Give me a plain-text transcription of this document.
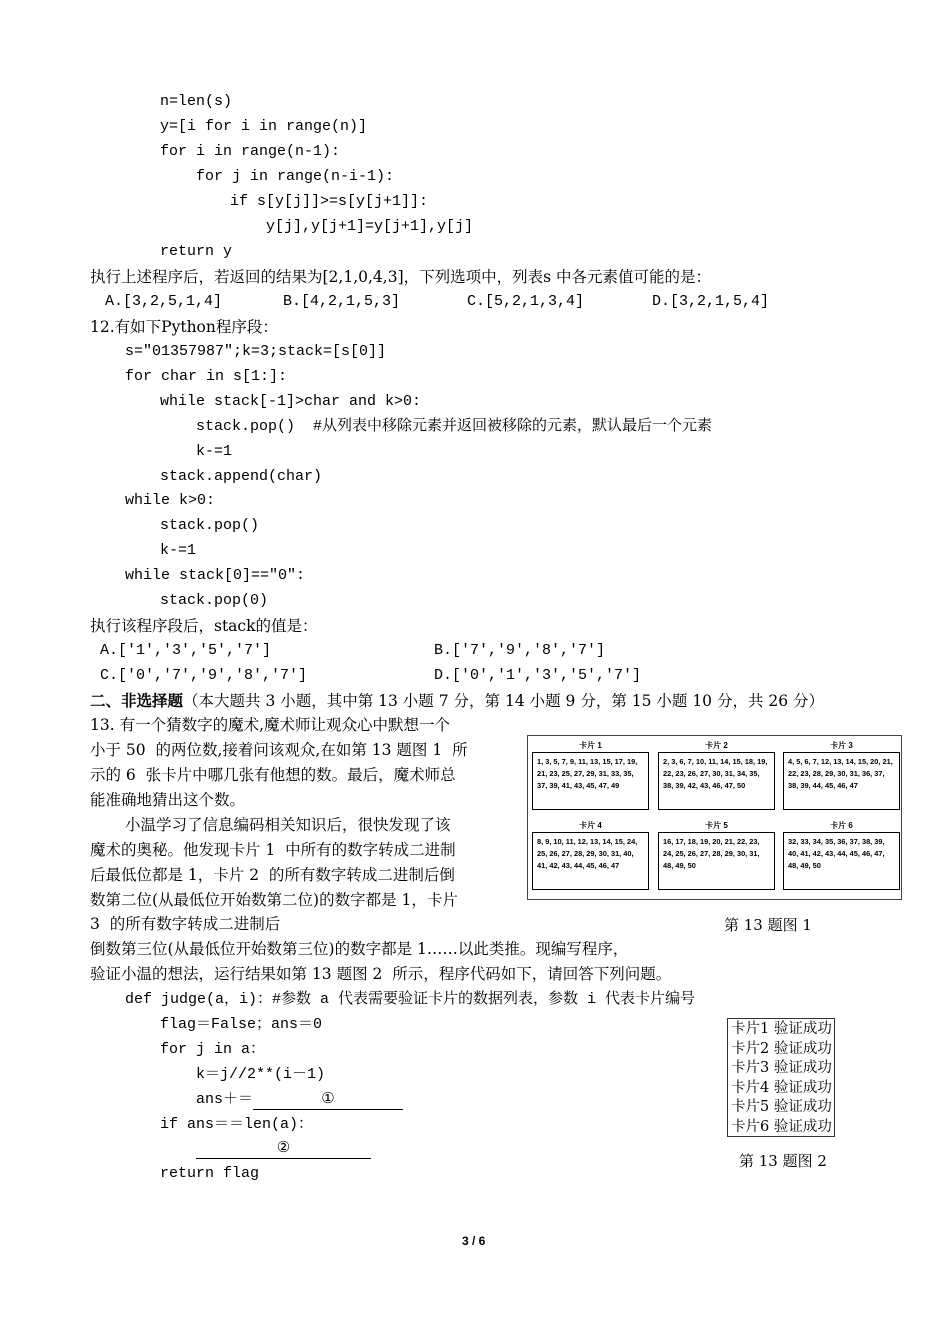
n=len(s)
y=[i for i in range(n)]
for i in range(n-1):
for j in range(n-i-1):
if s[y[j]]>=s[y[j+1]]:
y[j],y[j+1]=y[j+1],y[j]
return y
执行上述程序后，若返回的结果为[2,1,0,4,3]，下列选项中，列表s 中各元素值可能的是：
A.[3,2,5,1,4]	B.[4,2,1,5,3]	C.[5,2,1,3,4]	D.[3,2,1,5,4]
12.有如下Python程序段：
s="01357987";k=3;stack=[s[0]]
for char in s[1:]:
while stack[-1]>char and k>0:
stack.pop()  #从列表中移除元素并返回被移除的元素，默认最后一个元素
k-=1
stack.append(char)
while k>0:
stack.pop()
k-=1
while stack[0]=="0":
stack.pop(0)
执行该程序段后，stack的值是：
A.['1','3','5','7']	B.['7','9','8','7']
C.['0','7','9','8','7']	D.['0','1','3','5','7']
二、非选择题（本大题共 3 小题，其中第 13 小题 7 分，第 14 小题 9 分，第 15 小题 10 分，共 26 分）
13. 有一个猜数字的魔术,魔术师让观众心中默想一个
小于 50  的两位数,接着问该观众,在如第 13 题图 1  所
示的 6  张卡片中哪几张有他想的数。最后，魔术师总
能准确地猜出这个数。
小温学习了信息编码相关知识后，很快发现了该
魔术的奥秘。他发现卡片 1  中所有的数字转成二进制
后最低位都是 1，卡片 2  的所有数字转成二进制后倒
数第二位(从最低位开始数第二位)的数字都是 1，卡片
3  的所有数字转成二进制后
倒数第三位(从最低位开始数第三位)的数字都是 1……以此类推。现编写程序，
验证小温的想法，运行结果如第 13 题图 2  所示，程序代码如下，请回答下列问题。
卡片 1
1, 3, 5, 7, 9, 11, 13, 15, 17, 19, 21, 23, 25, 27, 29, 31, 33, 35, 37, 39, 41, 43, 45, 47, 49
卡片 2
2, 3, 6, 7, 10, 11, 14, 15, 18, 19, 22, 23, 26, 27, 30, 31, 34, 35, 38, 39, 42, 43, 46, 47, 50
卡片 3
4, 5, 6, 7, 12, 13, 14, 15, 20, 21, 22, 23, 28, 29, 30, 31, 36, 37, 38, 39, 44, 45, 46, 47
卡片 4
8, 9, 10, 11, 12, 13, 14, 15, 24, 25, 26, 27, 28, 29, 30, 31, 40, 41, 42, 43, 44, 45, 46, 47
卡片 5
16, 17, 18, 19, 20, 21, 22, 23, 24, 25, 26, 27, 28, 29, 30, 31, 48, 49, 50
卡片 6
32, 33, 34, 35, 36, 37, 38, 39, 40, 41, 42, 43, 44, 45, 46, 47, 48, 49, 50
第 13 题图 1
def judge(a，i)：#参数 a 代表需要验证卡片的数据列表，参数 i 代表卡片编号
flag＝False；ans＝0
for j in a：
k＝j//2**(i－1)
ans＋＝	①
if ans＝＝len(a)：
②
return flag
卡片1 验证成功
卡片2 验证成功
卡片3 验证成功
卡片4 验证成功
卡片5 验证成功
卡片6 验证成功
第 13 题图 2
3 / 6
